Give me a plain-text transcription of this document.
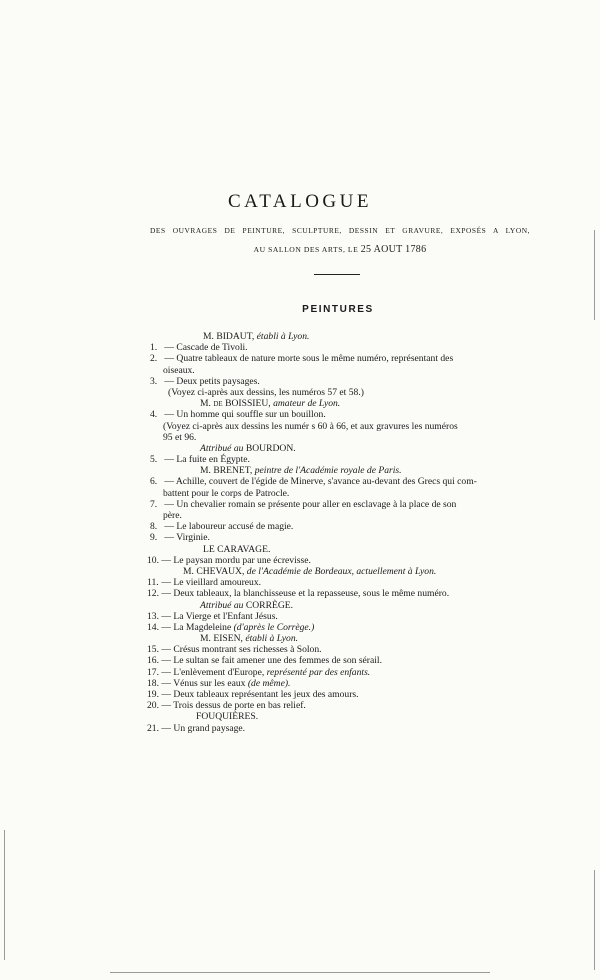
CATALOGUE
DES OUVRAGES DE PEINTURE, SCULPTURE, DESSIN ET GRAVURE, EXPOSÉS A LYON,
AU SALLON DES ARTS, LE 25 AOUT 1786
PEINTURES
M. BIDAUT, établi à Lyon.
1. — Cascade de Tivoli.
2. — Quatre tableaux de nature morte sous le même numéro, représentant des
oiseaux.
3. — Deux petits paysages.
(Voyez ci-après aux dessins, les numéros 57 et 58.)
M. de BOISSIEU, amateur de Lyon.
4. — Un homme qui souffle sur un bouillon.
(Voyez ci-après aux dessins les numér s 60 à 66, et aux gravures les numéros
95 et 96.
Attribué au BOURDON.
5. — La fuite en Égypte.
M. BRENET, peintre de l'Académie royale de Paris.
6. — Achille, couvert de l'égide de Minerve, s'avance au-devant des Grecs qui com-
battent pour le corps de Patrocle.
7. — Un chevalier romain se présente pour aller en esclavage à la place de son
père.
8. — Le laboureur accusé de magie.
9. — Virginie.
LE CARAVAGE.
10. — Le paysan mordu par une écrevisse.
M. CHEVAUX, de l'Académie de Bordeaux, actuellement à Lyon.
11. — Le vieillard amoureux.
12. — Deux tableaux, la blanchisseuse et la repasseuse, sous le même numéro.
Attribué au CORRÈGE.
13. — La Vierge et l'Enfant Jésus.
14. — La Magdeleine (d'après le Corrège.)
M. EISEN, établi à Lyon.
15. — Crésus montrant ses richesses à Solon.
16. — Le sultan se fait amener une des femmes de son sérail.
17. — L'enlèvement d'Europe, représenté par des enfants.
18. — Vénus sur les eaux (de même).
19. — Deux tableaux représentant les jeux des amours.
20. — Trois dessus de porte en bas relief.
FOUQUIÈRES.
21. — Un grand paysage.
